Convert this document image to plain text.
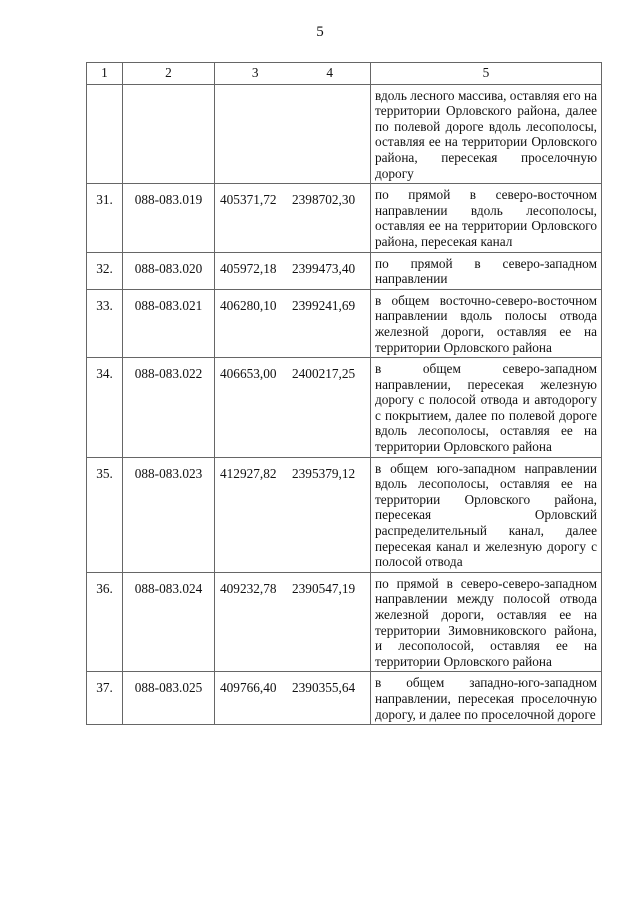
5
1	2	3 4	5
			вдоль лесного массива, оставляя его на территории Орловского района, далее по полевой дороге вдоль лесополосы, оставляя ее на территории Орловского района, пересекая проселочную дорогу
31.	088-083.019	405371,72 2398702,30	по прямой в северо-восточном направлении вдоль лесополосы, оставляя ее на территории Орловского района, пересекая канал
32.	088-083.020	405972,18 2399473,40	по прямой в северо-западном направлении
33.	088-083.021	406280,10 2399241,69	в общем восточно-северо-восточном направлении вдоль полосы отвода железной дороги, оставляя ее на территории Орловского района
34.	088-083.022	406653,00 2400217,25	в общем северо-западном направлении, пересекая железную дорогу с полосой отвода и автодорогу с покрытием, далее по полевой дороге вдоль лесополосы, оставляя ее на территории Орловского района
35.	088-083.023	412927,82 2395379,12	в общем юго-западном направлении вдоль лесополосы, оставляя ее на территории Орловского района, пересекая Орловский распределительный канал, далее пересекая канал и железную дорогу с полосой отвода
36.	088-083.024	409232,78 2390547,19	по прямой в северо-северо-западном направлении между полосой отвода железной дороги, оставляя ее на территории Зимовниковского района, и лесополосой, оставляя ее на территории Орловского района
37.	088-083.025	409766,40 2390355,64	в общем западно-юго-западном направлении, пересекая проселочную дорогу, и далее по проселочной дороге
